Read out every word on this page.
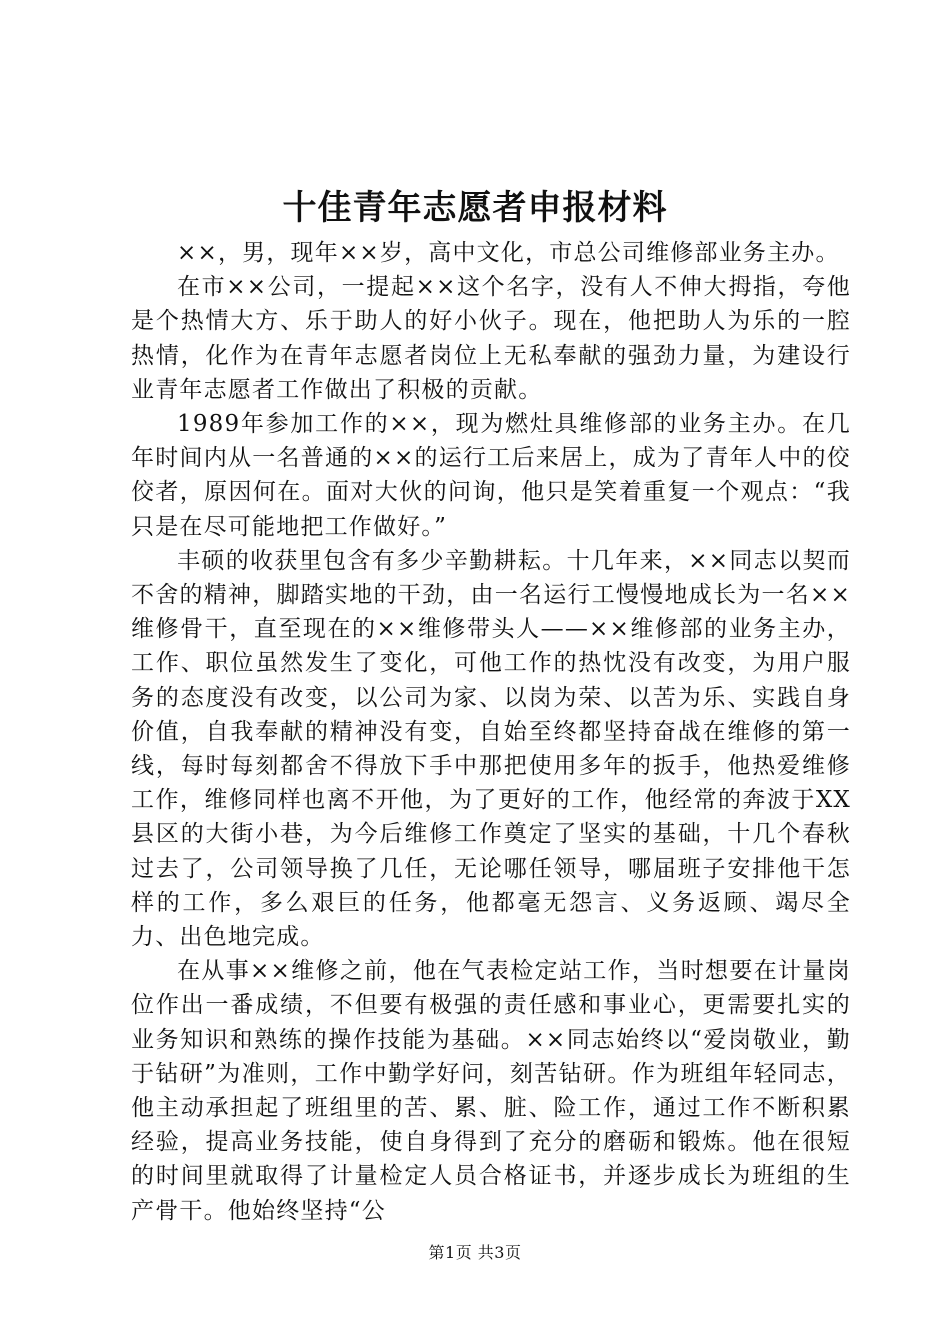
十佳青年志愿者申报材料

××，男，现年××岁，高中文化，市总公司维修部业务主办。

在市××公司，一提起××这个名字，没有人不伸大拇指，夸他是个热情大方、乐于助人的好小伙子。现在，他把助人为乐的一腔热情，化作为在青年志愿者岗位上无私奉献的强劲力量，为建设行业青年志愿者工作做出了积极的贡献。

1989年参加工作的××，现为燃灶具维修部的业务主办。在几年时间内从一名普通的××的运行工后来居上，成为了青年人中的佼佼者，原因何在。面对大伙的问询，他只是笑着重复一个观点：“我只是在尽可能地把工作做好。”

丰硕的收获里包含有多少辛勤耕耘。十几年来，××同志以契而不舍的精神，脚踏实地的干劲，由一名运行工慢慢地成长为一名××维修骨干，直至现在的××维修带头人——××维修部的业务主办，工作、职位虽然发生了变化，可他工作的热忱没有改变，为用户服务的态度没有改变，以公司为家、以岗为荣、以苦为乐、实践自身价值，自我奉献的精神没有变，自始至终都坚持奋战在维修的第一线，每时每刻都舍不得放下手中那把使用多年的扳手，他热爱维修工作，维修同样也离不开他，为了更好的工作，他经常的奔波于XX县区的大街小巷，为今后维修工作奠定了坚实的基础，十几个春秋过去了，公司领导换了几任，无论哪任领导，哪届班子安排他干怎样的工作，多么艰巨的任务，他都毫无怨言、义务返顾、竭尽全力、出色地完成。

在从事××维修之前，他在气表检定站工作，当时想要在计量岗位作出一番成绩，不但要有极强的责任感和事业心，更需要扎实的业务知识和熟练的操作技能为基础。××同志始终以“爱岗敬业，勤于钻研”为准则，工作中勤学好问，刻苦钻研。作为班组年轻同志，他主动承担起了班组里的苦、累、脏、险工作，通过工作不断积累经验，提高业务技能，使自身得到了充分的磨砺和锻炼。他在很短的时间里就取得了计量检定人员合格证书，并逐步成长为班组的生产骨干。他始终坚持“公

第1页 共3页
